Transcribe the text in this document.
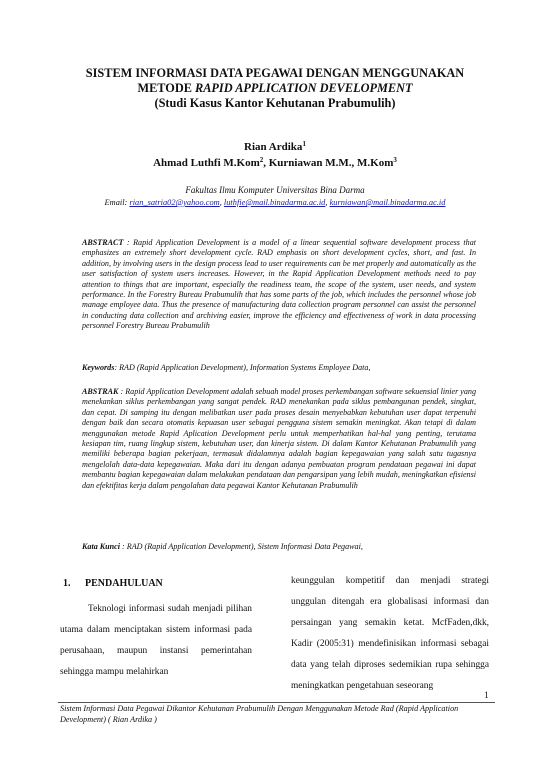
SISTEM INFORMASI DATA PEGAWAI DENGAN MENGGUNAKAN
METODE RAPID APPLICATION DEVELOPMENT
(Studi Kasus Kantor Kehutanan Prabumulih)
Rian Ardika$^1$
Ahmad Luthfi M.Kom$^2$, Kurniawan M.M., M.Kom$^3$
Fakultas Ilmu Komputer Universitas Bina Darma
Email: rian_satria02@yahoo.com, luthfie@mail.binadarma.ac.id, kurniawan@mail.binadarma.ac.id

ABSTRACT : Rapid Application Development is a model of a linear sequential software development process that emphasizes an extremely short development cycle. RAD emphasis on short development cycles, short, and fast. In addition, by involving users in the design process lead to user requirements can be met properly and automatically as the user satisfaction of system users increases. However, in the Rapid Application Development methods need to pay attention to things that are important, especially the readiness team, the scope of the system, user needs, and system performance. In the Forestry Bureau Prabumulih that has some parts of the job, which includes the personnel whose job manage employee data. Thus the presence of manufacturing data collection program personnel can assist the personnel in conducting data collection and archiving easier, improve the efficiency and effectiveness of work in data processing personnel Forestry Bureau Prabumulih

Keywords: RAD (Rapid Application Development), Information Systems Employee Data,

ABSTRAK : Rapid Application Development adalah sebuah model proses perkembangan software sekuensial linier yang menekankan siklus perkembangan yang sangat pendek. RAD menekankan pada siklus pembangunan pendek, singkat, dan cepat. Di samping itu dengan melibatkan user pada proses desain menyebabkan kebutuhan user dapat terpenuhi dengan baik dan secara otomatis kepuasan user sebagai pengguna sistem semakin meningkat. Akan tetapi di dalam menggunakan metode Rapid Aplication Development perlu untuk memperhatikan hal-hal yang penting, terutama kesiapan tim, ruang lingkup sistem, kebutuhan user, dan kinerja sistem. Di dalam Kantor Kehutanan Prabumulih yang memiliki beberapa bagian pekerjaan, termasuk didalamnya adalah bagian kepegawaian yang salah satu tugasnya mengelolah data-data kepegawaian. Maka dari itu dengan adanya pembuatan program pendataan pegawai ini dapat membantu bagian kepegawaian dalam melakukan pendataan dan pengarsipan yang lebih mudah, meningkatkan efisiensi dan efektifitas kerja dalam pengolahan data pegawai Kantor Kehutanan Prabumulih

Kata Kunci : RAD (Rapid Application Development), Sistem Informasi Data Pegawai,

1. PENDAHULUAN

Teknologi informasi sudah menjadi pilihan utama dalam menciptakan sistem informasi pada perusahaan, maupun instansi pemerintahan sehingga mampu melahirkan

keunggulan kompetitif dan menjadi strategi unggulan ditengah era globalisasi informasi dan persaingan yang semakin ketat. McfFaden,dkk, Kadir (2005:31) mendefinisikan informasi sebagai data yang telah diproses sedemikian rupa sehingga meningkatkan pengetahuan seseorang

1

Sistem Informasi Data Pegawai Dikantor Kehutanan Prabumulih Dengan Menggunakan Metode Rad (Rapid Application Development) ( Rian Ardika )
